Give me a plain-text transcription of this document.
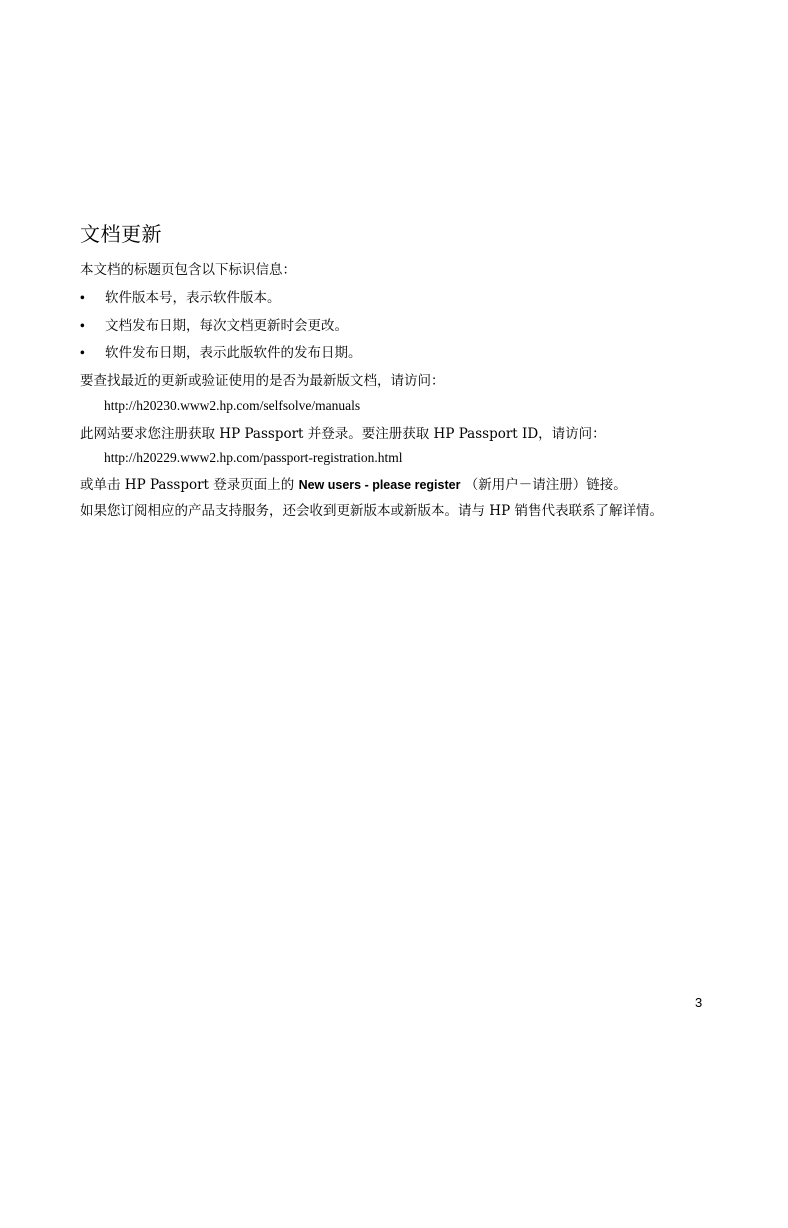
文档更新
本文档的标题页包含以下标识信息：
• 软件版本号，表示软件版本。
• 文档发布日期，每次文档更新时会更改。
• 软件发布日期，表示此版软件的发布日期。
要查找最近的更新或验证使用的是否为最新版文档，请访问：
http://h20230.www2.hp.com/selfsolve/manuals
此网站要求您注册获取 HP Passport 并登录。要注册获取 HP Passport ID，请访问：
http://h20229.www2.hp.com/passport-registration.html
或单击 HP Passport 登录页面上的 New users - please register （新用户－请注册）链接。
如果您订阅相应的产品支持服务，还会收到更新版本或新版本。请与 HP 销售代表联系了解详情。
3
